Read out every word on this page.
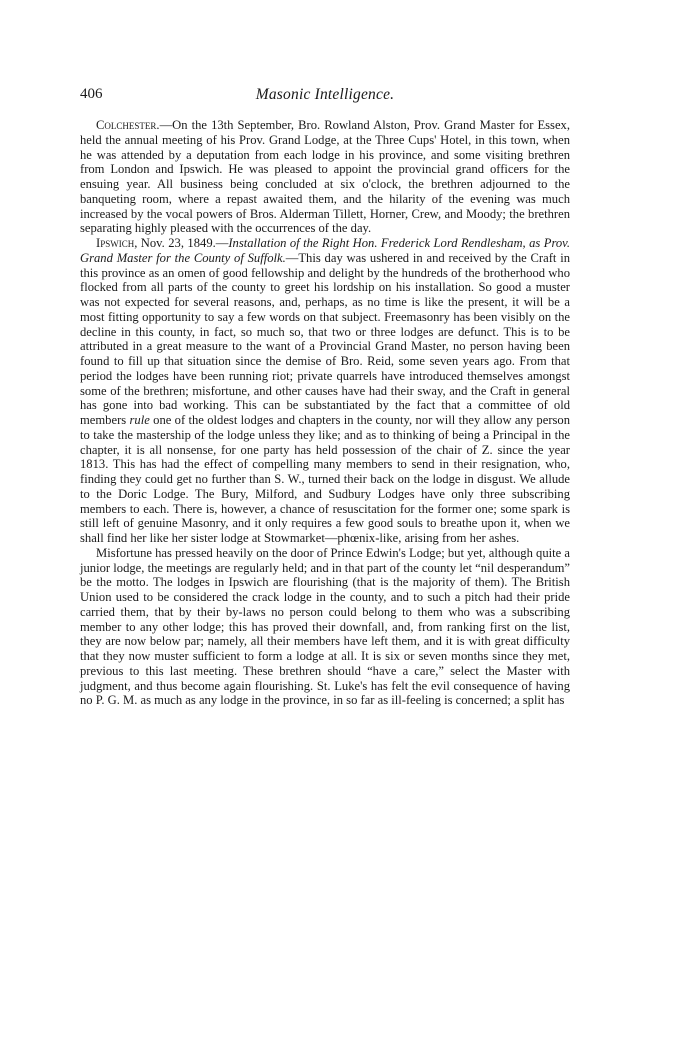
406	Masonic Intelligence.

Colchester.—On the 13th September, Bro. Rowland Alston, Prov. Grand Master for Essex, held the annual meeting of his Prov. Grand Lodge, at the Three Cups' Hotel, in this town, when he was attended by a deputation from each lodge in his province, and some visiting brethren from London and Ipswich. He was pleased to appoint the provincial grand officers for the ensuing year. All business being concluded at six o'clock, the brethren adjourned to the banqueting room, where a repast awaited them, and the hilarity of the evening was much increased by the vocal powers of Bros. Alderman Tillett, Horner, Crew, and Moody; the brethren separating highly pleased with the occurrences of the day.

Ipswich, Nov. 23, 1849.—Installation of the Right Hon. Frederick Lord Rendlesham, as Prov. Grand Master for the County of Suffolk.—This day was ushered in and received by the Craft in this province as an omen of good fellowship and delight by the hundreds of the brotherhood who flocked from all parts of the county to greet his lordship on his installation. So good a muster was not expected for several reasons, and, perhaps, as no time is like the present, it will be a most fitting opportunity to say a few words on that subject. Freemasonry has been visibly on the decline in this county, in fact, so much so, that two or three lodges are defunct. This is to be attributed in a great measure to the want of a Provincial Grand Master, no person having been found to fill up that situation since the demise of Bro. Reid, some seven years ago. From that period the lodges have been running riot; private quarrels have introduced themselves amongst some of the brethren; misfortune, and other causes have had their sway, and the Craft in general has gone into bad working. This can be substantiated by the fact that a committee of old members rule one of the oldest lodges and chapters in the county, nor will they allow any person to take the mastership of the lodge unless they like; and as to thinking of being a Principal in the chapter, it is all nonsense, for one party has held possession of the chair of Z. since the year 1813. This has had the effect of compelling many members to send in their resignation, who, finding they could get no further than S. W., turned their back on the lodge in disgust. We allude to the Doric Lodge. The Bury, Milford, and Sudbury Lodges have only three subscribing members to each. There is, however, a chance of resuscitation for the former one; some spark is still left of genuine Masonry, and it only requires a few good souls to breathe upon it, when we shall find her like her sister lodge at Stowmarket—phœnix-like, arising from her ashes.

Misfortune has pressed heavily on the door of Prince Edwin's Lodge; but yet, although quite a junior lodge, the meetings are regularly held; and in that part of the county let “nil desperandum” be the motto. The lodges in Ipswich are flourishing (that is the majority of them). The British Union used to be considered the crack lodge in the county, and to such a pitch had their pride carried them, that by their by-laws no person could belong to them who was a subscribing member to any other lodge; this has proved their downfall, and, from ranking first on the list, they are now below par; namely, all their members have left them, and it is with great difficulty that they now muster sufficient to form a lodge at all. It is six or seven months since they met, previous to this last meeting. These brethren should “have a care,” select the Master with judgment, and thus become again flourishing. St. Luke's has felt the evil consequence of having no P. G. M. as much as any lodge in the province, in so far as ill-feeling is concerned; a split has
